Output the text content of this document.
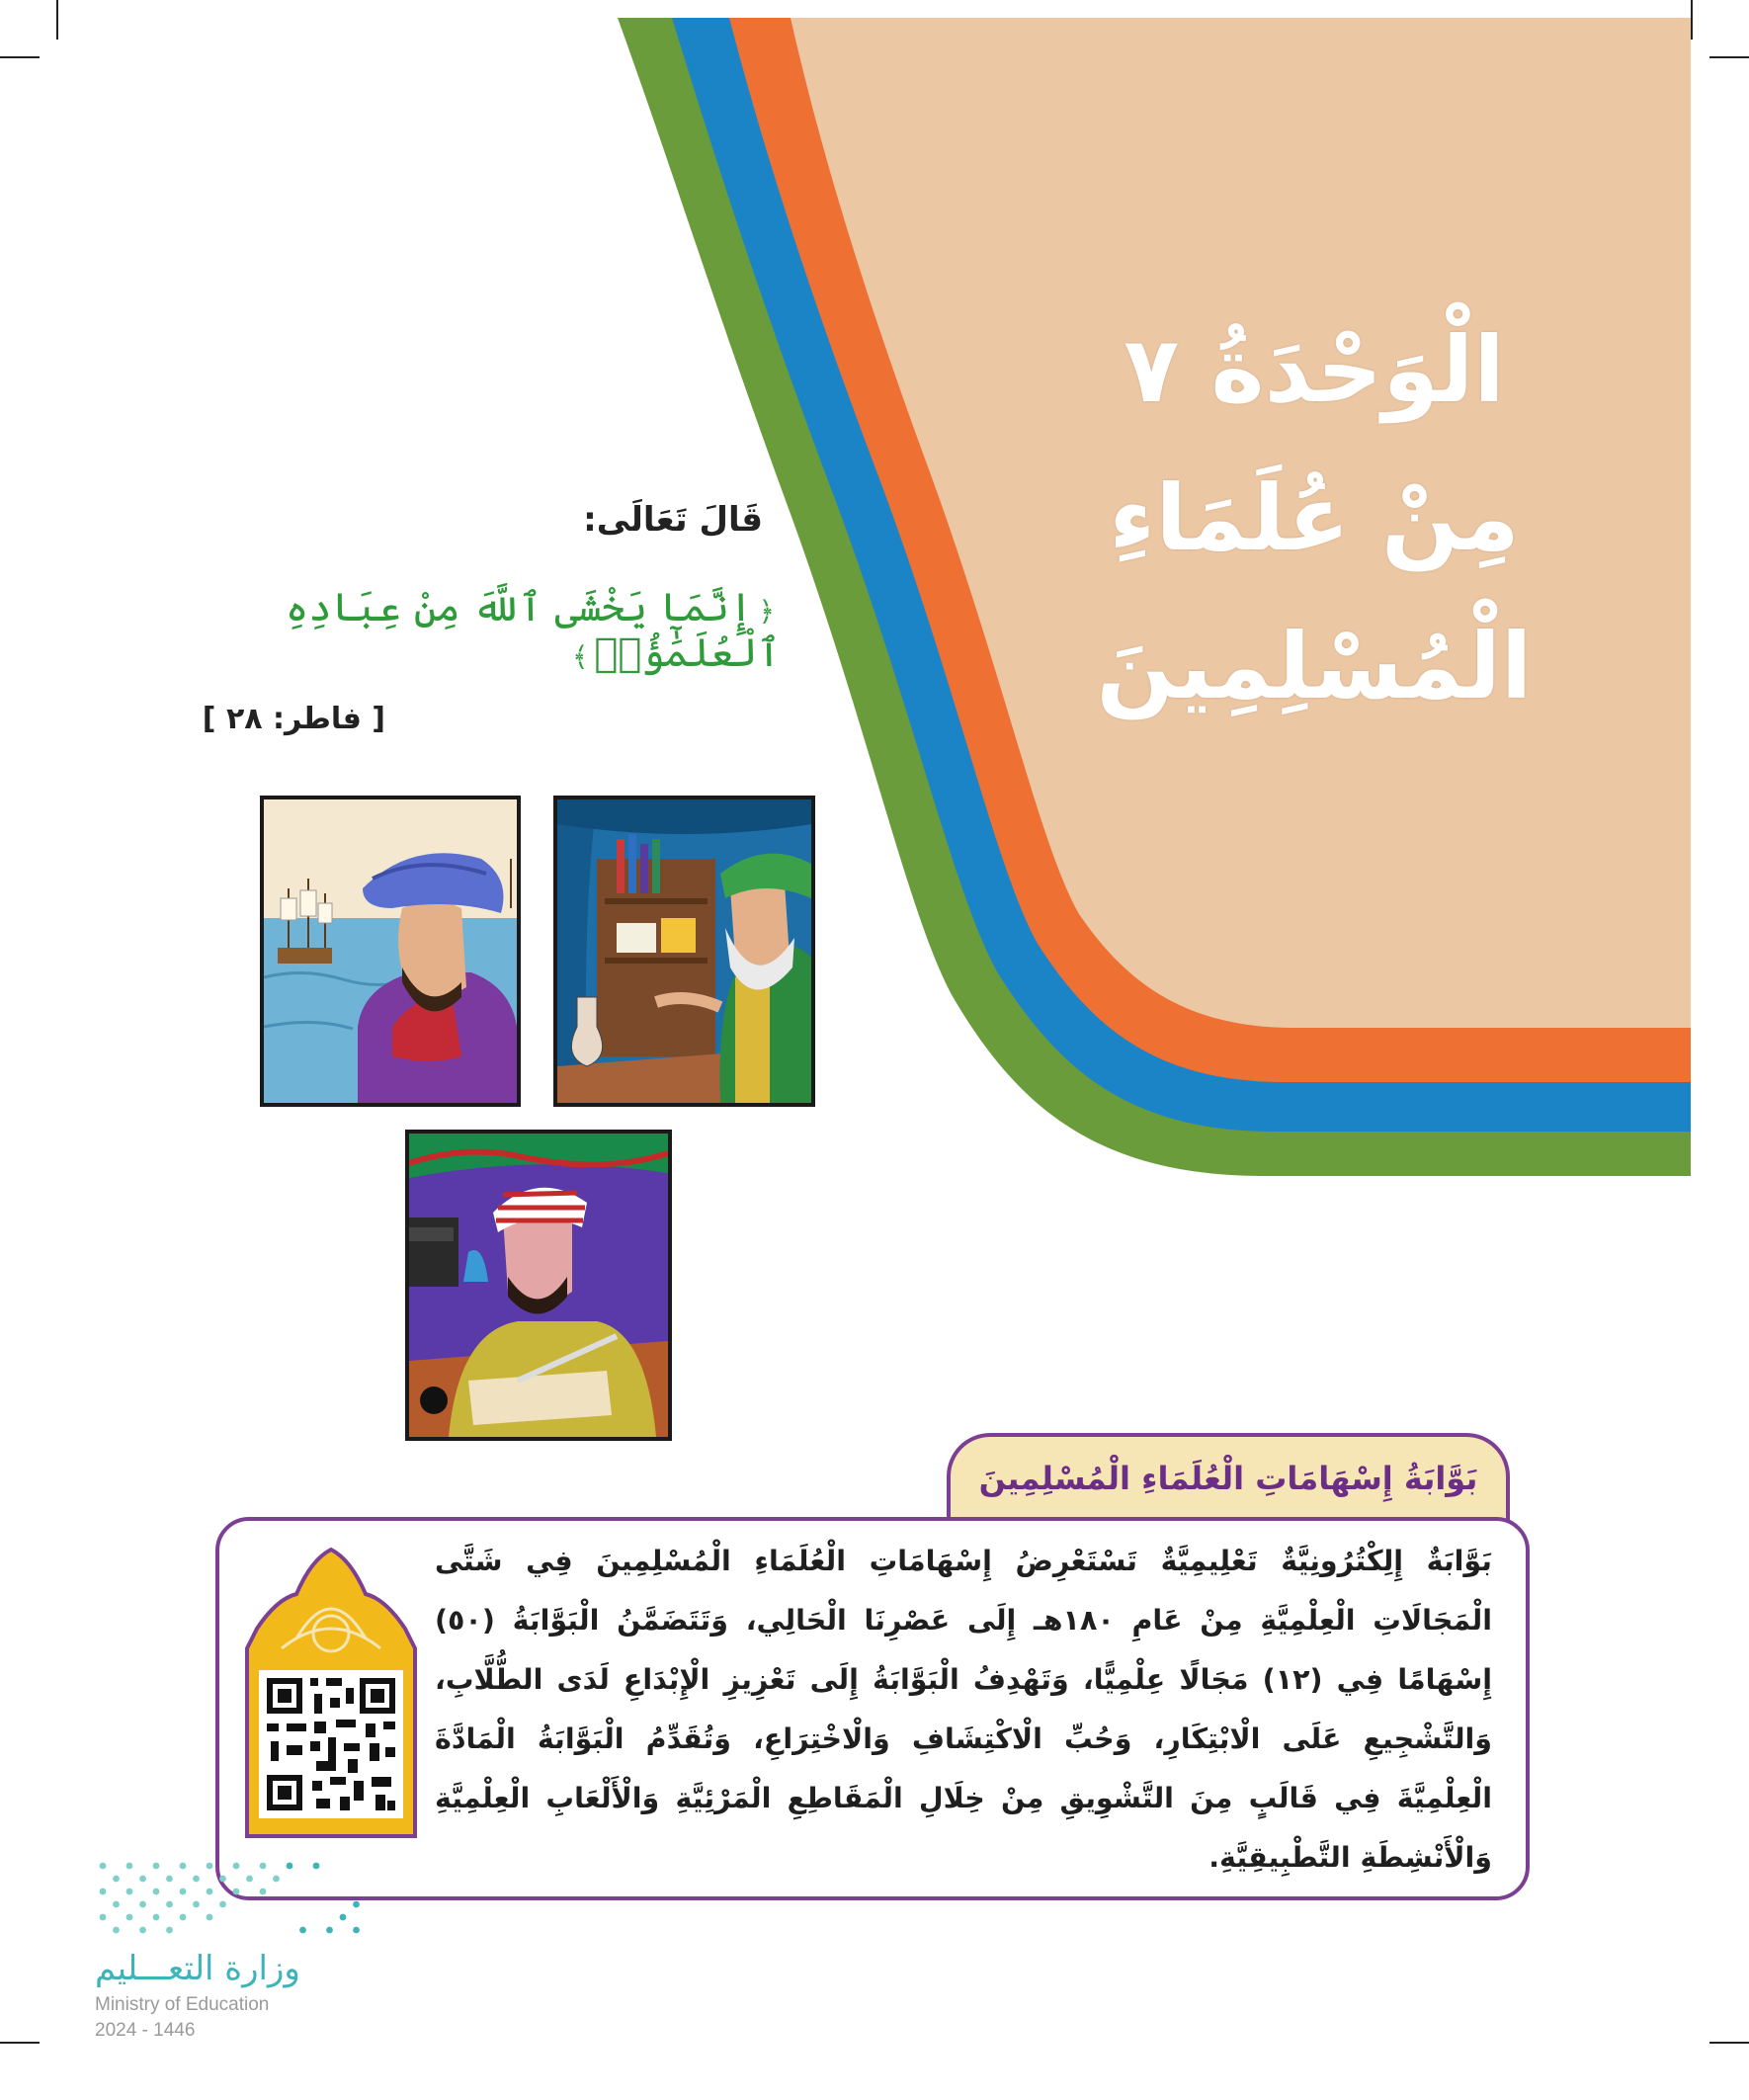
الْوَحْدَةُ ٧
مِنْ عُلَمَاءِ
الْمُسْلِمِينَ
قَالَ تَعَالَى:
﴿إِنَّمَا يَخْشَى ٱللَّهَ مِنْ عِبَادِهِ ٱلْعُلَمَٰٓؤُا۟﴾
[ فاطر: ٢٨ ]
بَوَّابَةُ إِسْهَامَاتِ الْعُلَمَاءِ الْمُسْلِمِينَ
بَوَّابَةٌ إِلِكْتُرُونِيَّةٌ تَعْلِيمِيَّةٌ تَسْتَعْرِضُ إِسْهَامَاتِ الْعُلَمَاءِ الْمُسْلِمِينَ فِي شَتَّى الْمَجَالَاتِ الْعِلْمِيَّةِ مِنْ عَامِ ١٨٠هـ إِلَى عَصْرِنَا الْحَالِي، وَتَتَضَمَّنُ الْبَوَّابَةُ (٥٠) إِسْهَامًا فِي (١٢) مَجَالًا عِلْمِيًّا، وَتَهْدِفُ الْبَوَّابَةُ إِلَى تَعْزِيزِ الْإِبْدَاعِ لَدَى الطُّلَّابِ، وَالتَّشْجِيعِ عَلَى الْابْتِكَارِ، وَحُبِّ الْاكْتِشَافِ وَالْاخْتِرَاعِ، وَتُقَدِّمُ الْبَوَّابَةُ الْمَادَّةَ الْعِلْمِيَّةَ فِي قَالَبٍ مِنَ التَّشْوِيقِ مِنْ خِلَالِ الْمَقَاطِعِ الْمَرْئِيَّةِ وَالْأَلْعَابِ الْعِلْمِيَّةِ وَالْأَنْشِطَةِ التَّطْبِيقِيَّةِ.
وزارة التعـــليم
Ministry of Education
2024 - 1446
